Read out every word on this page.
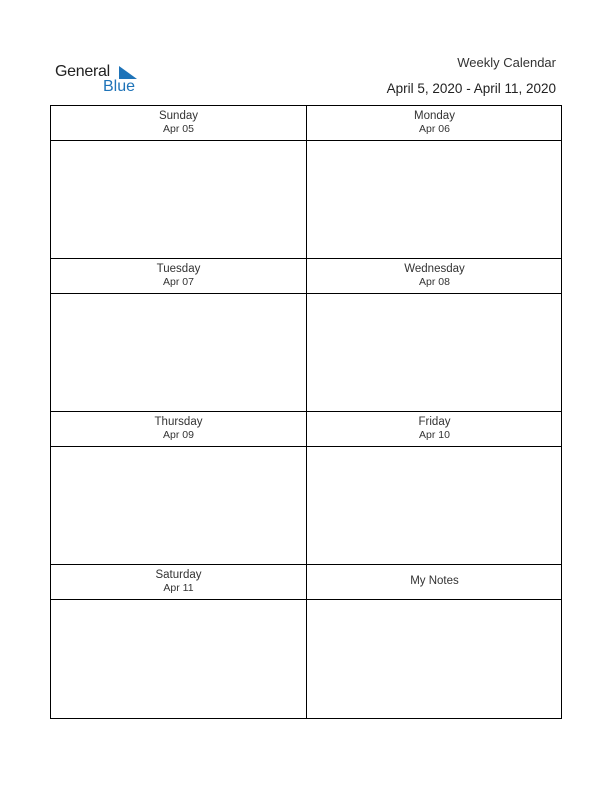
General
Blue
Weekly Calendar
April 5, 2020 - April 11, 2020
Sunday
Apr 05
Monday
Apr 06
Tuesday
Apr 07
Wednesday
Apr 08
Thursday
Apr 09
Friday
Apr 10
Saturday
Apr 11
My Notes
